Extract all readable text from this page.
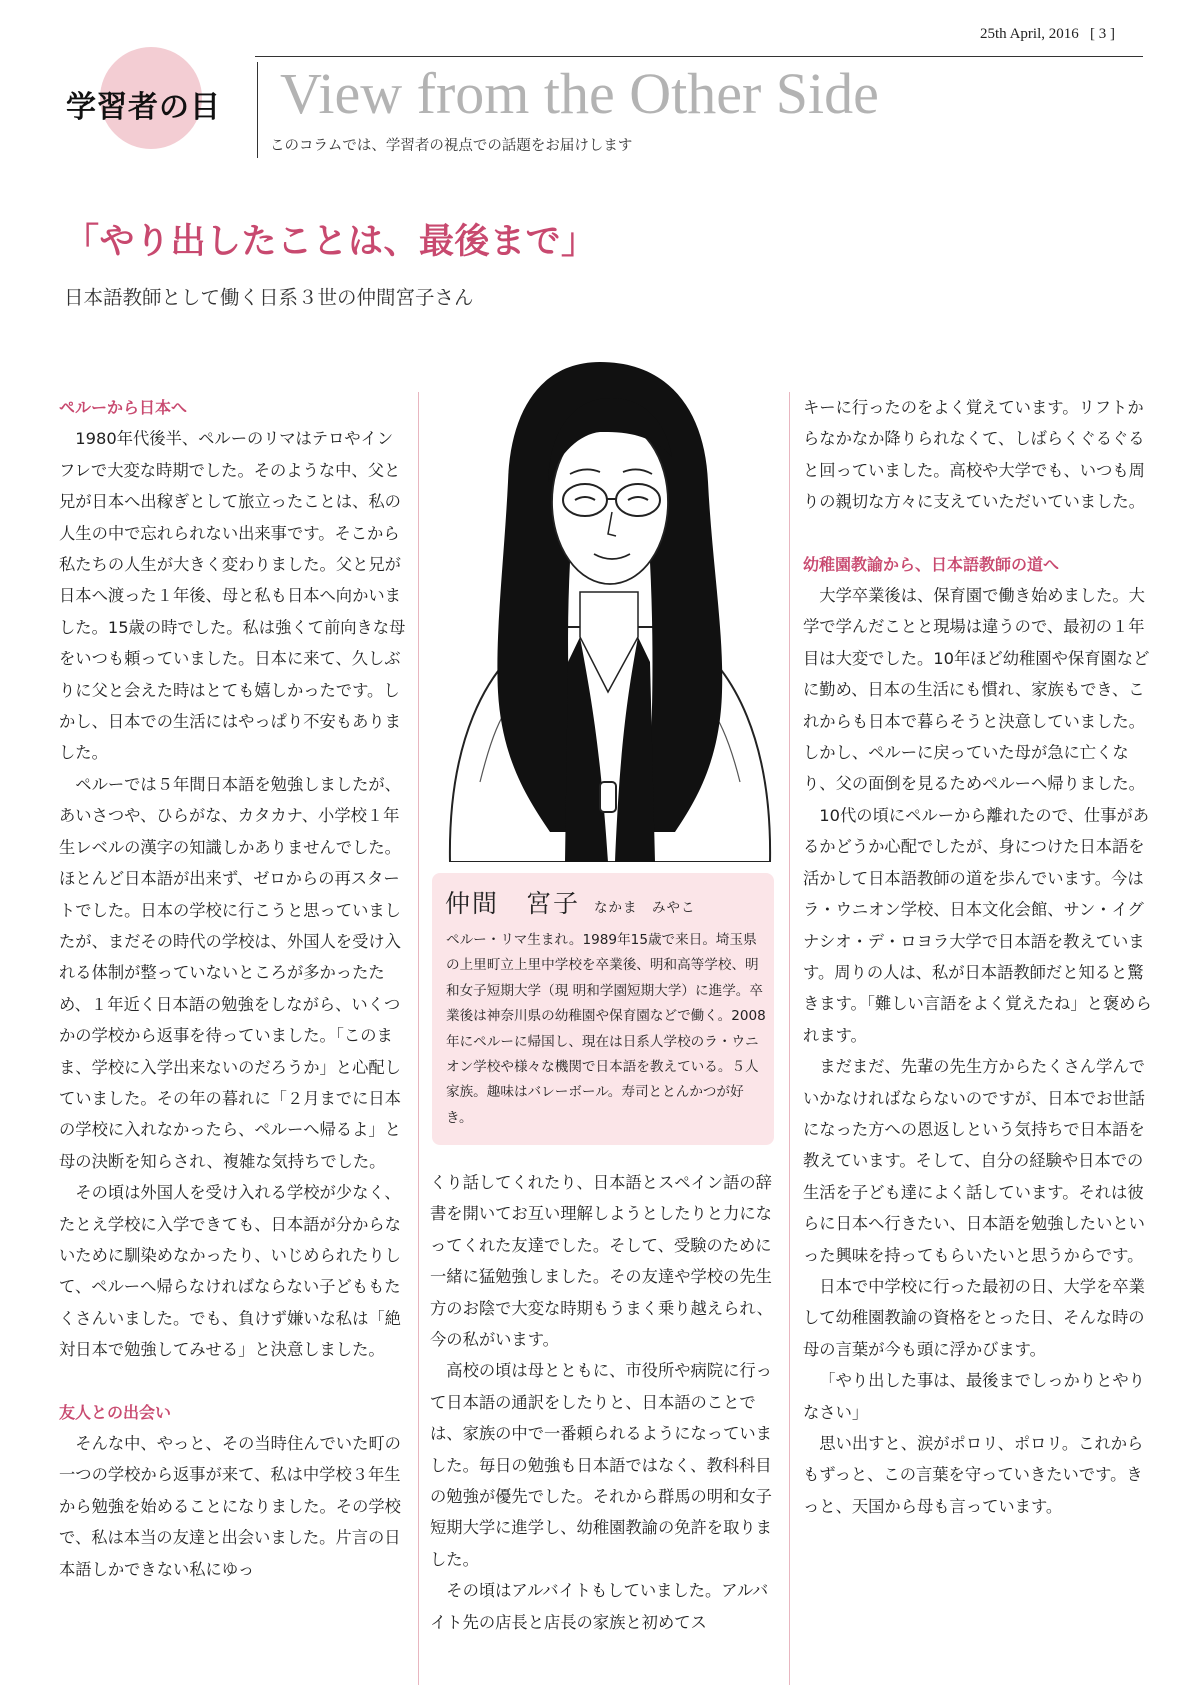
25th April, 2016 [ 3 ]
学習者の目 View from the Other Side
このコラムでは、学習者の視点での話題をお届けします
「やり出したことは、最後まで」
日本語教師として働く日系３世の仲間宮子さん

ペルーから日本へ

1980年代後半、ペルーのリマはテロやインフレで大変な時期でした。そのような中、父と兄が日本へ出稼ぎとして旅立ったことは、私の人生の中で忘れられない出来事です。そこから私たちの人生が大きく変わりました。父と兄が日本へ渡った１年後、母と私も日本へ向かいました。15歳の時でした。私は強くて前向きな母をいつも頼っていました。日本に来て、久しぶりに父と会えた時はとても嬉しかったです。しかし、日本での生活にはやっぱり不安もありました。

ペルーでは５年間日本語を勉強しましたが、あいさつや、ひらがな、カタカナ、小学校１年生レベルの漢字の知識しかありませんでした。ほとんど日本語が出来ず、ゼロからの再スタートでした。日本の学校に行こうと思っていましたが、まだその時代の学校は、外国人を受け入れる体制が整っていないところが多かったため、１年近く日本語の勉強をしながら、いくつかの学校から返事を待っていました。「このまま、学校に入学出来ないのだろうか」と心配していました。その年の暮れに「２月までに日本の学校に入れなかったら、ペルーへ帰るよ」と母の決断を知らされ、複雑な気持ちでした。

その頃は外国人を受け入れる学校が少なく、たとえ学校に入学できても、日本語が分からないために馴染めなかったり、いじめられたりして、ペルーへ帰らなければならない子どももたくさんいました。でも、負けず嫌いな私は「絶対日本で勉強してみせる」と決意しました。

友人との出会い

そんな中、やっと、その当時住んでいた町の一つの学校から返事が来て、私は中学校３年生から勉強を始めることになりました。その学校で、私は本当の友達と出会いました。片言の日本語しかできない私にゆっ

仲間　宮子 なかま　みやこ
ペルー・リマ生まれ。1989年15歳で来日。埼玉県の上里町立上里中学校を卒業後、明和高等学校、明和女子短期大学（現 明和学園短期大学）に進学。卒業後は神奈川県の幼稚園や保育園などで働く。2008年にペルーに帰国し、現在は日系人学校のラ・ウニオン学校や様々な機関で日本語を教えている。５人家族。趣味はバレーボール。寿司ととんかつが好き。

くり話してくれたり、日本語とスペイン語の辞書を開いてお互い理解しようとしたりと力になってくれた友達でした。そして、受験のために一緒に猛勉強しました。その友達や学校の先生方のお陰で大変な時期もうまく乗り越えられ、今の私がいます。

高校の頃は母とともに、市役所や病院に行って日本語の通訳をしたりと、日本語のことでは、家族の中で一番頼られるようになっていました。毎日の勉強も日本語ではなく、教科科目の勉強が優先でした。それから群馬の明和女子短期大学に進学し、幼稚園教諭の免許を取りました。

その頃はアルバイトもしていました。アルバイト先の店長と店長の家族と初めてス

キーに行ったのをよく覚えています。リフトからなかなか降りられなくて、しばらくぐるぐると回っていました。高校や大学でも、いつも周りの親切な方々に支えていただいていました。

幼稚園教諭から、日本語教師の道へ

大学卒業後は、保育園で働き始めました。大学で学んだことと現場は違うので、最初の１年目は大変でした。10年ほど幼稚園や保育園などに勤め、日本の生活にも慣れ、家族もでき、これからも日本で暮らそうと決意していました。しかし、ペルーに戻っていた母が急に亡くなり、父の面倒を見るためペルーへ帰りました。

10代の頃にペルーから離れたので、仕事があるかどうか心配でしたが、身につけた日本語を活かして日本語教師の道を歩んでいます。今はラ・ウニオン学校、日本文化会館、サン・イグナシオ・デ・ロヨラ大学で日本語を教えています。周りの人は、私が日本語教師だと知ると驚きます。「難しい言語をよく覚えたね」と褒められます。

まだまだ、先輩の先生方からたくさん学んでいかなければならないのですが、日本でお世話になった方への恩返しという気持ちで日本語を教えています。そして、自分の経験や日本での生活を子ども達によく話しています。それは彼らに日本へ行きたい、日本語を勉強したいといった興味を持ってもらいたいと思うからです。

日本で中学校に行った最初の日、大学を卒業して幼稚園教諭の資格をとった日、そんな時の母の言葉が今も頭に浮かびます。

「やり出した事は、最後までしっかりとやりなさい」

思い出すと、涙がポロリ、ポロリ。これからもずっと、この言葉を守っていきたいです。きっと、天国から母も言っています。
